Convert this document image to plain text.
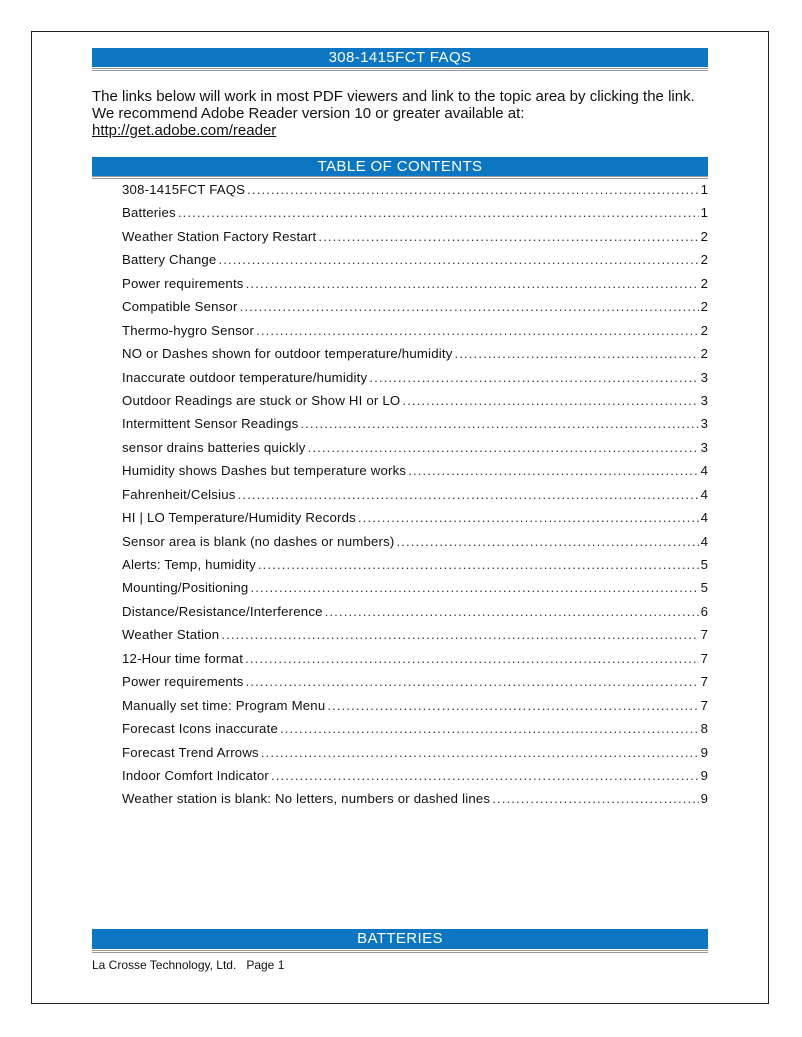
308-1415FCT FAQS

The links below will work in most PDF viewers and link to the topic area by clicking the link. We recommend Adobe Reader version 10 or greater available at:
http://get.adobe.com/reader

TABLE OF CONTENTS
308-1415FCT FAQS .....	1
Batteries .....	1
Weather Station Factory Restart .....	2
Battery Change .....	2
Power requirements .....	2
Compatible Sensor .....	2
Thermo-hygro Sensor .....	2
NO or Dashes shown for outdoor temperature/humidity .....	2
Inaccurate outdoor temperature/humidity .....	3
Outdoor Readings are stuck or Show HI or LO .....	3
Intermittent Sensor Readings .....	3
sensor drains batteries quickly .....	3
Humidity shows Dashes but temperature works .....	4
Fahrenheit/Celsius .....	4
HI | LO Temperature/Humidity Records .....	4
Sensor area is blank (no dashes or numbers) .....	4
Alerts: Temp, humidity .....	5
Mounting/Positioning .....	5
Distance/Resistance/Interference .....	6
Weather Station .....	7
12-Hour time format .....	7
Power requirements .....	7
Manually set time: Program Menu .....	7
Forecast Icons inaccurate .....	8
Forecast Trend Arrows .....	9
Indoor Comfort Indicator .....	9
Weather station is blank: No letters, numbers or dashed lines .....	9
BATTERIES
La Crosse Technology, Ltd. Page 1
